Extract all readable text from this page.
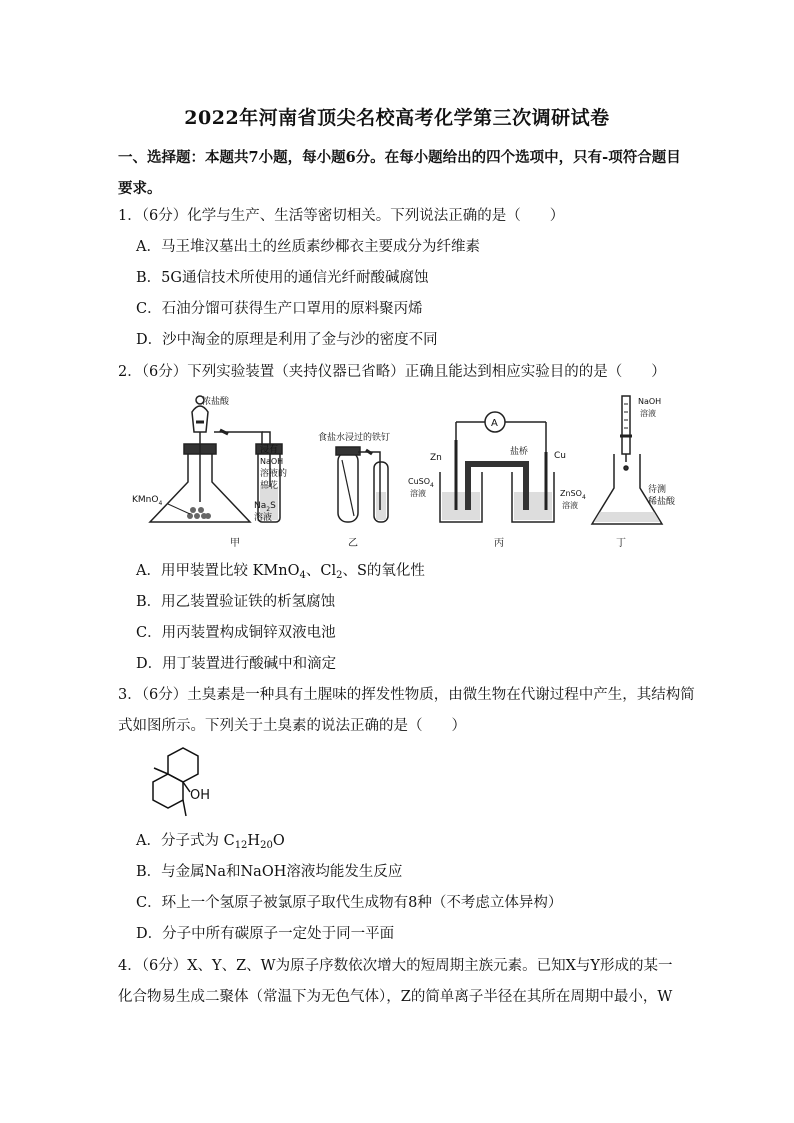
2022年河南省顶尖名校高考化学第三次调研试卷
一、选择题：本题共7小题，每小题6分。在每小题给出的四个选项中，只有-项符合题目
要求。
1．（6分）化学与生产、生活等密切相关。下列说法正确的是（　　）
A．马王堆汉墓出土的丝质素纱椰衣主要成分为纤维素
B．5G通信技术所使用的通信光纤耐酸碱腐蚀
C．石油分馏可获得生产口罩用的原料聚丙烯
D．沙中淘金的原理是利用了金与沙的密度不同
2．（6分）下列实验装置（夹持仪器已省略）正确且能达到相应实验目的的是（　　）
浓盐酸
KMnO$_4$
浸有
NaOH
溶液的
棉花
$Na_2S$
溶液
甲
食盐水浸过的铁钉
乙
A
Zn	Cu
盐桥
CuSO$_4$
溶液	ZnSO$_4$
溶液
丙
NaOH
溶液
待测
稀盐酸
丁
A．用甲装置比较 KMnO$_4$、$Cl_2$、S的氧化性
B．用乙装置验证铁的析氢腐蚀
C．用丙装置构成铜锌双液电池
D．用丁装置进行酸碱中和滴定
3．（6分）土臭素是一种具有土腥味的挥发性物质，由微生物在代谢过程中产生，其结构简
式如图所示。下列关于土臭素的说法正确的是（　　）
OH
A．分子式为 $C_{12}H_{20}O$
B．与金属Na和NaOH溶液均能发生反应
C．环上一个氢原子被氯原子取代生成物有8种（不考虑立体异构）
D．分子中所有碳原子一定处于同一平面
4．（6分）X、Y、Z、W为原子序数依次增大的短周期主族元素。已知X与Y形成的某一
化合物易生成二聚体（常温下为无色气体），Z的简单离子半径在其所在周期中最小，W
